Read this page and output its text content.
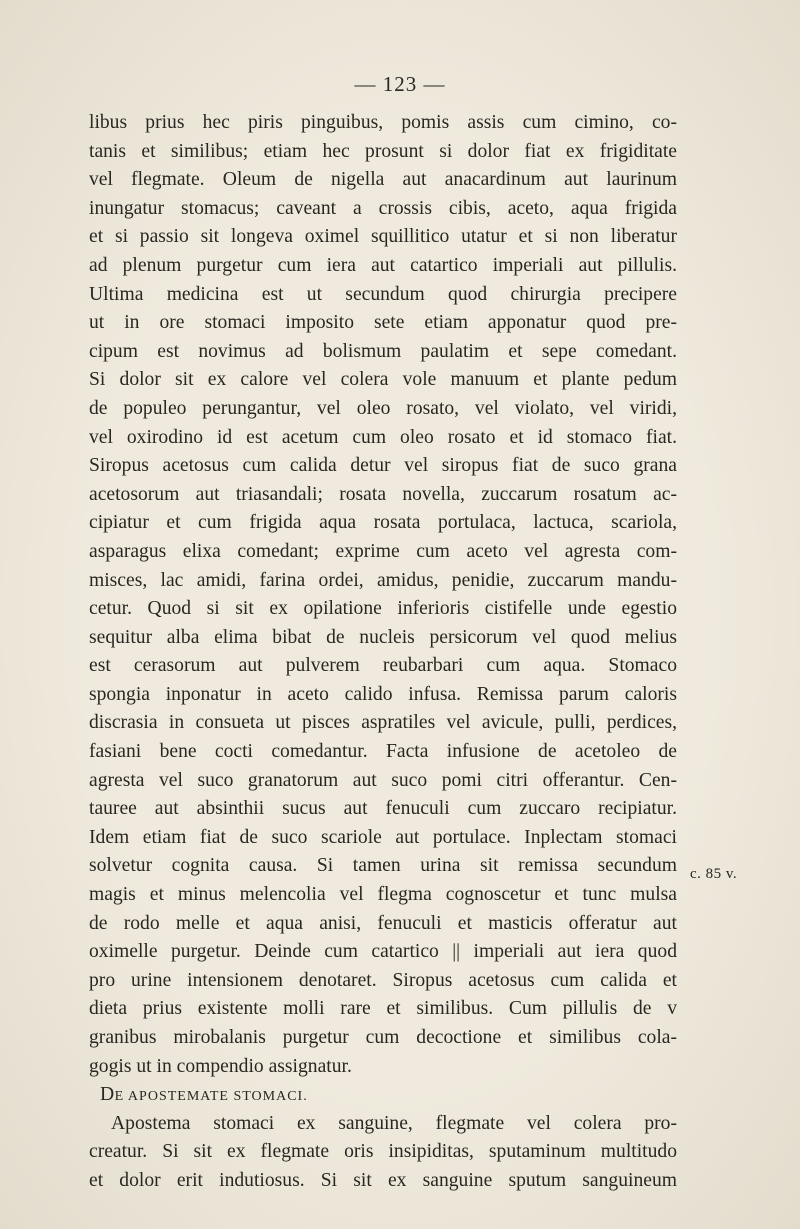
— 123 —
libus prius hec piris pinguibus, pomis assis cum cimino, co-
tanis et similibus; etiam hec prosunt si dolor fiat ex frigiditate
vel flegmate. Oleum de nigella aut anacardinum aut laurinum
inungatur stomacus; caveant a crossis cibis, aceto, aqua frigida
et si passio sit longeva oximel squillitico utatur et si non liberatur
ad plenum purgetur cum iera aut catartico imperiali aut pillulis.
Ultima medicina est ut secundum quod chirurgia precipere
ut in ore stomaci imposito sete etiam apponatur quod pre-
cipum est novimus ad bolismum paulatim et sepe comedant.
Si dolor sit ex calore vel colera vole manuum et plante pedum
de populeo perungantur, vel oleo rosato, vel violato, vel viridi,
vel oxirodino id est acetum cum oleo rosato et id stomaco fiat.
Siropus acetosus cum calida detur vel siropus fiat de suco grana
acetosorum aut triasandali; rosata novella, zuccarum rosatum ac-
cipiatur et cum frigida aqua rosata portulaca, lactuca, scariola,
asparagus elixa comedant; exprime cum aceto vel agresta com-
misces, lac amidi, farina ordei, amidus, penidie, zuccarum mandu-
cetur. Quod si sit ex opilatione inferioris cistifelle unde egestio
sequitur alba elima bibat de nucleis persicorum vel quod melius
est cerasorum aut pulverem reubarbari cum aqua. Stomaco
spongia inponatur in aceto calido infusa. Remissa parum caloris
discrasia in consueta ut pisces aspratiles vel avicule, pulli, perdices,
fasiani bene cocti comedantur. Facta infusione de acetoleo de
agresta vel suco granatorum aut suco pomi citri offerantur. Cen-
tauree aut absinthii sucus aut fenuculi cum zuccaro recipiatur.
Idem etiam fiat de suco scariole aut portulace. Inplectam stomaci
solvetur cognita causa. Si tamen urina sit remissa secundum
magis et minus melencolia vel flegma cognoscetur et tunc mulsa
de rodo melle et aqua anisi, fenuculi et masticis offeratur aut
oximelle purgetur. Deinde cum catartico || imperiali aut iera quod
pro urine intensionem denotaret. Siropus acetosus cum calida et
dieta prius existente molli rare et similibus. Cum pillulis de v
granibus mirobalanis purgetur cum decoctione et similibus cola-
gogis ut in compendio assignatur.
DE APOSTEMATE STOMACI.
Apostema stomaci ex sanguine, flegmate vel colera pro-
creatur. Si sit ex flegmate oris insipiditas, sputaminum multitudo
et dolor erit indutiosus. Si sit ex sanguine sputum sanguineum
c. 85 v.
